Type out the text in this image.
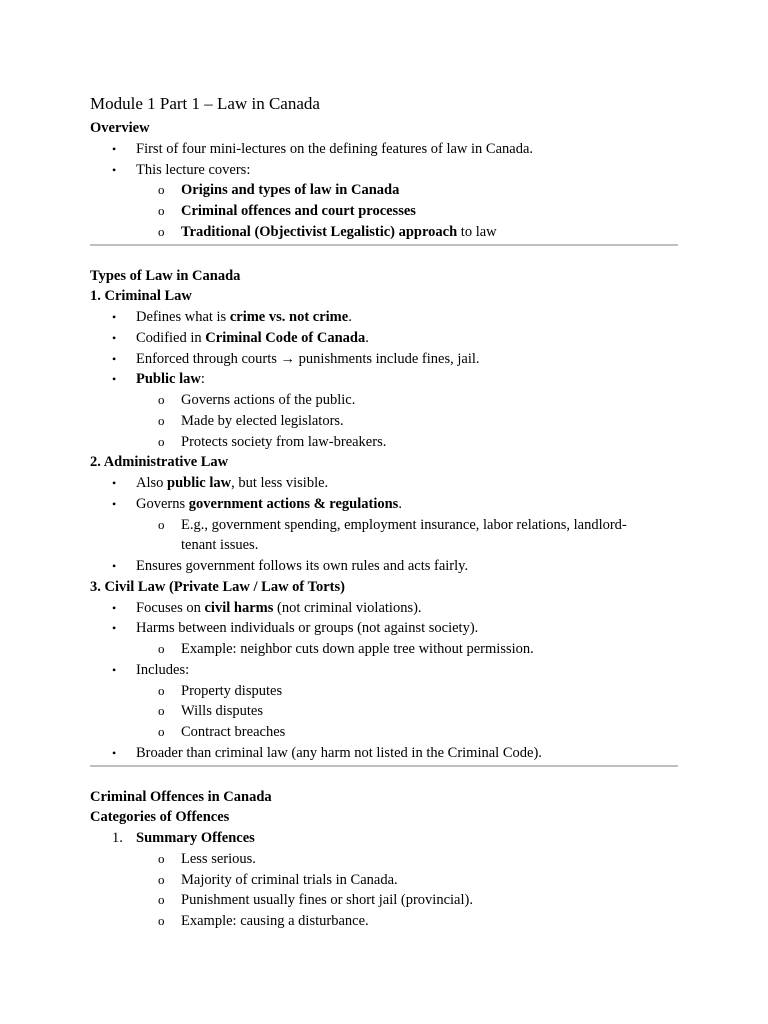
Module 1 Part 1 – Law in Canada
Overview
• First of four mini-lectures on the defining features of law in Canada.
• This lecture covers:
o Origins and types of law in Canada
o Criminal offences and court processes
o Traditional (Objectivist Legalistic) approach to law
Types of Law in Canada
1. Criminal Law
• Defines what is crime vs. not crime.
• Codified in Criminal Code of Canada.
• Enforced through courts → punishments include fines, jail.
• Public law:
o Governs actions of the public.
o Made by elected legislators.
o Protects society from law-breakers.
2. Administrative Law
• Also public law, but less visible.
• Governs government actions & regulations.
o E.g., government spending, employment insurance, labor relations, landlord-tenant issues.
• Ensures government follows its own rules and acts fairly.
3. Civil Law (Private Law / Law of Torts)
• Focuses on civil harms (not criminal violations).
• Harms between individuals or groups (not against society).
o Example: neighbor cuts down apple tree without permission.
• Includes:
o Property disputes
o Wills disputes
o Contract breaches
• Broader than criminal law (any harm not listed in the Criminal Code).
Criminal Offences in Canada
Categories of Offences
1. Summary Offences
o Less serious.
o Majority of criminal trials in Canada.
o Punishment usually fines or short jail (provincial).
o Example: causing a disturbance.
